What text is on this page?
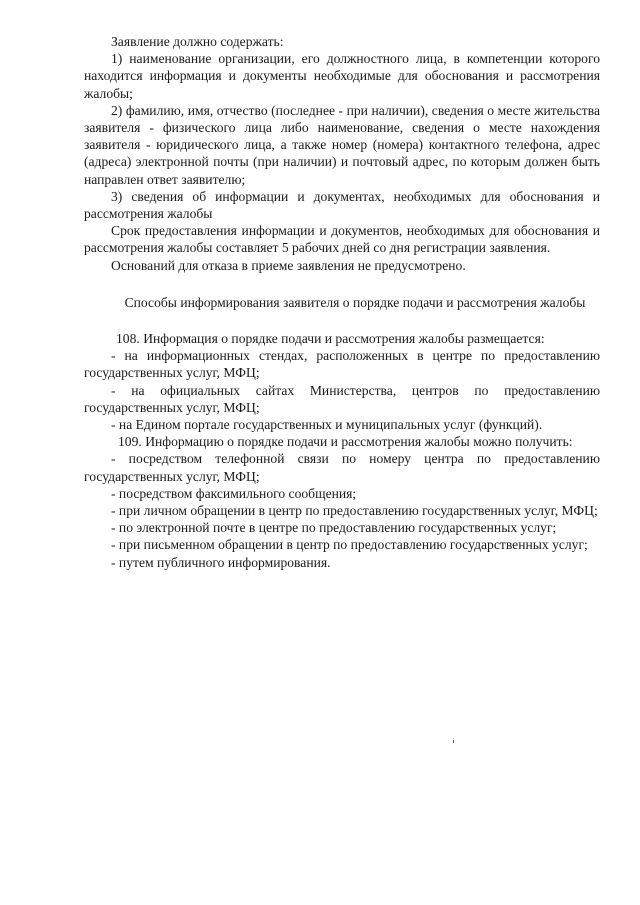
Заявление должно содержать:

1) наименование организации, его должностного лица, в компетенции которого находится информация и документы необходимые для обоснования и рассмотрения жалобы;

2) фамилию, имя, отчество (последнее - при наличии), сведения о месте жительства заявителя - физического лица либо наименование, сведения о месте нахождения заявителя - юридического лица, а также номер (номера) контактного телефона, адрес (адреса) электронной почты (при наличии) и почтовый адрес, по которым должен быть направлен ответ заявителю;

3) сведения об информации и документах, необходимых для обоснования и рассмотрения жалобы

Срок предоставления информации и документов, необходимых для обоснования и рассмотрения жалобы составляет 5 рабочих дней со дня регистрации заявления.

Оснований для отказа в приеме заявления не предусмотрено.

Способы информирования заявителя о порядке подачи и рассмотрения жалобы

108. Информация о порядке подачи и рассмотрения жалобы размещается:

- на информационных стендах, расположенных в центре по предоставлению государственных услуг, МФЦ;

- на официальных сайтах Министерства, центров по предоставлению государственных услуг, МФЦ;

- на Едином портале государственных и муниципальных услуг (функций).

109. Информацию о порядке подачи и рассмотрения жалобы можно получить:

- посредством телефонной связи по номеру центра по предоставлению государственных услуг, МФЦ;

- посредством факсимильного сообщения;

- при личном обращении в центр по предоставлению государственных услуг, МФЦ;

- по электронной почте в центре по предоставлению государственных услуг;

- при письменном обращении в центр по предоставлению государственных услуг;

- путем публичного информирования.
